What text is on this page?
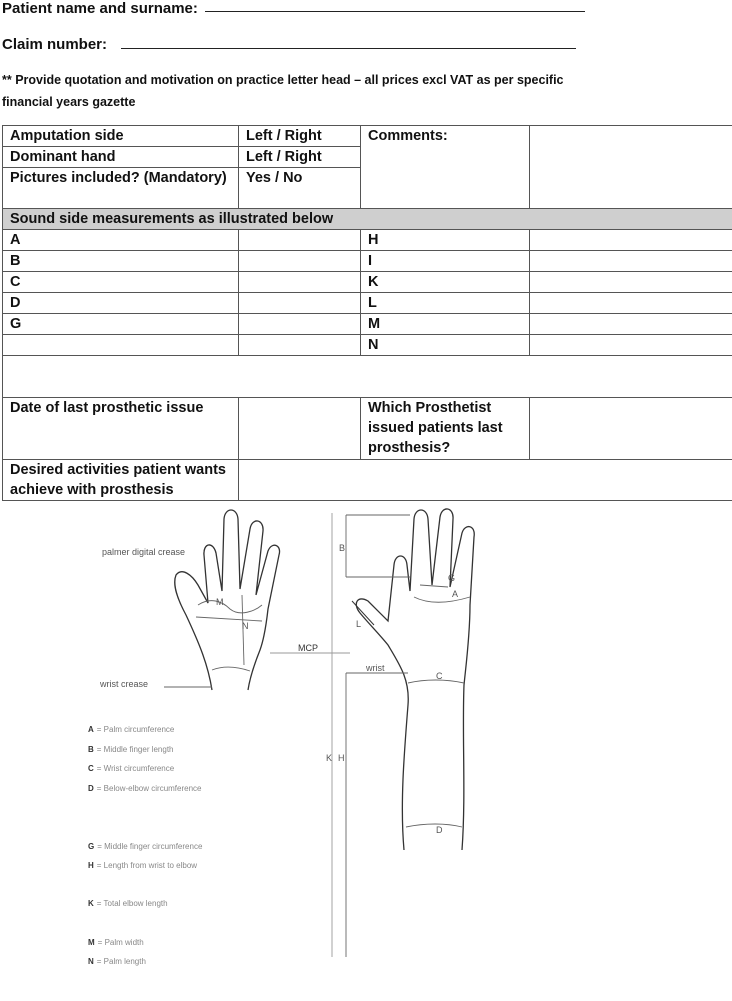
Patient name and surname:
Claim number:
** Provide quotation and motivation on practice letter head – all prices excl VAT as per specific
financial years gazette
Amputation side	Left / Right	Comments:	
Dominant hand	Left / Right		
Pictures included? (Mandatory)	Yes / No		
Sound side measurements as illustrated below			
A		H	
B		I	
C		K	
D		L	
G		M	
		N	

Date of last prosthetic issue		Which Prosthetist issued patients last prosthesis?	
Desired activities patient wants achieve with prosthesis			
palmer digital crease
wrist crease
MCP
wrist
M
N
B
G
A
L
C
D
K H
A = Palm circumference
B = Middle finger length
C = Wrist circumference
D = Below-elbow circumference
G = Middle finger circumference
H = Length from wrist to elbow
K = Total elbow length
M = Palm width
N = Palm length
